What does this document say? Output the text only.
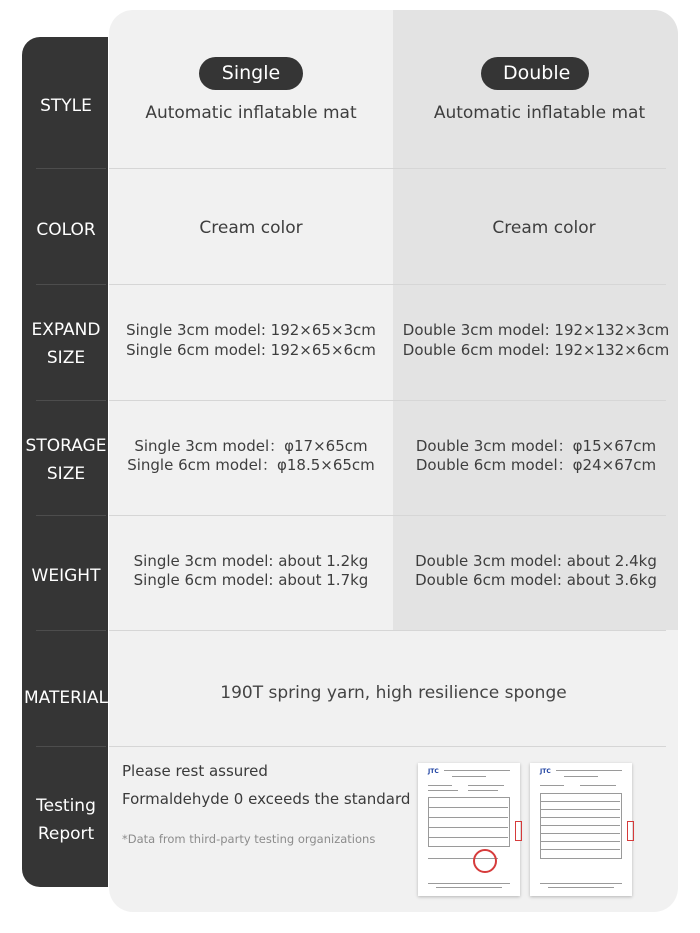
STYLE
COLOR
EXPAND
SIZE
STORAGE
SIZE
WEIGHT
MATERIAL
Testing
Report
Single
Automatic inflatable mat
Double
Automatic inflatable mat
Cream color	Cream color
Single 3cm model: 192×65×3cm
Single 6cm model: 192×65×6cm
Double 3cm model: 192×132×3cm
Double 6cm model: 192×132×6cm
Single 3cm model：φ17×65cm
Single 6cm model：φ18.5×65cm
Double 3cm model：φ15×67cm
Double 6cm model：φ24×67cm
Single 3cm model: about 1.2kg
Single 6cm model: about 1.7kg
Double 3cm model: about 2.4kg
Double 6cm model: about 3.6kg
190T spring yarn, high resilience sponge
Please rest assured
Formaldehyde 0 exceeds the standard
*Data from third-party testing organizations
JTC	JTC
